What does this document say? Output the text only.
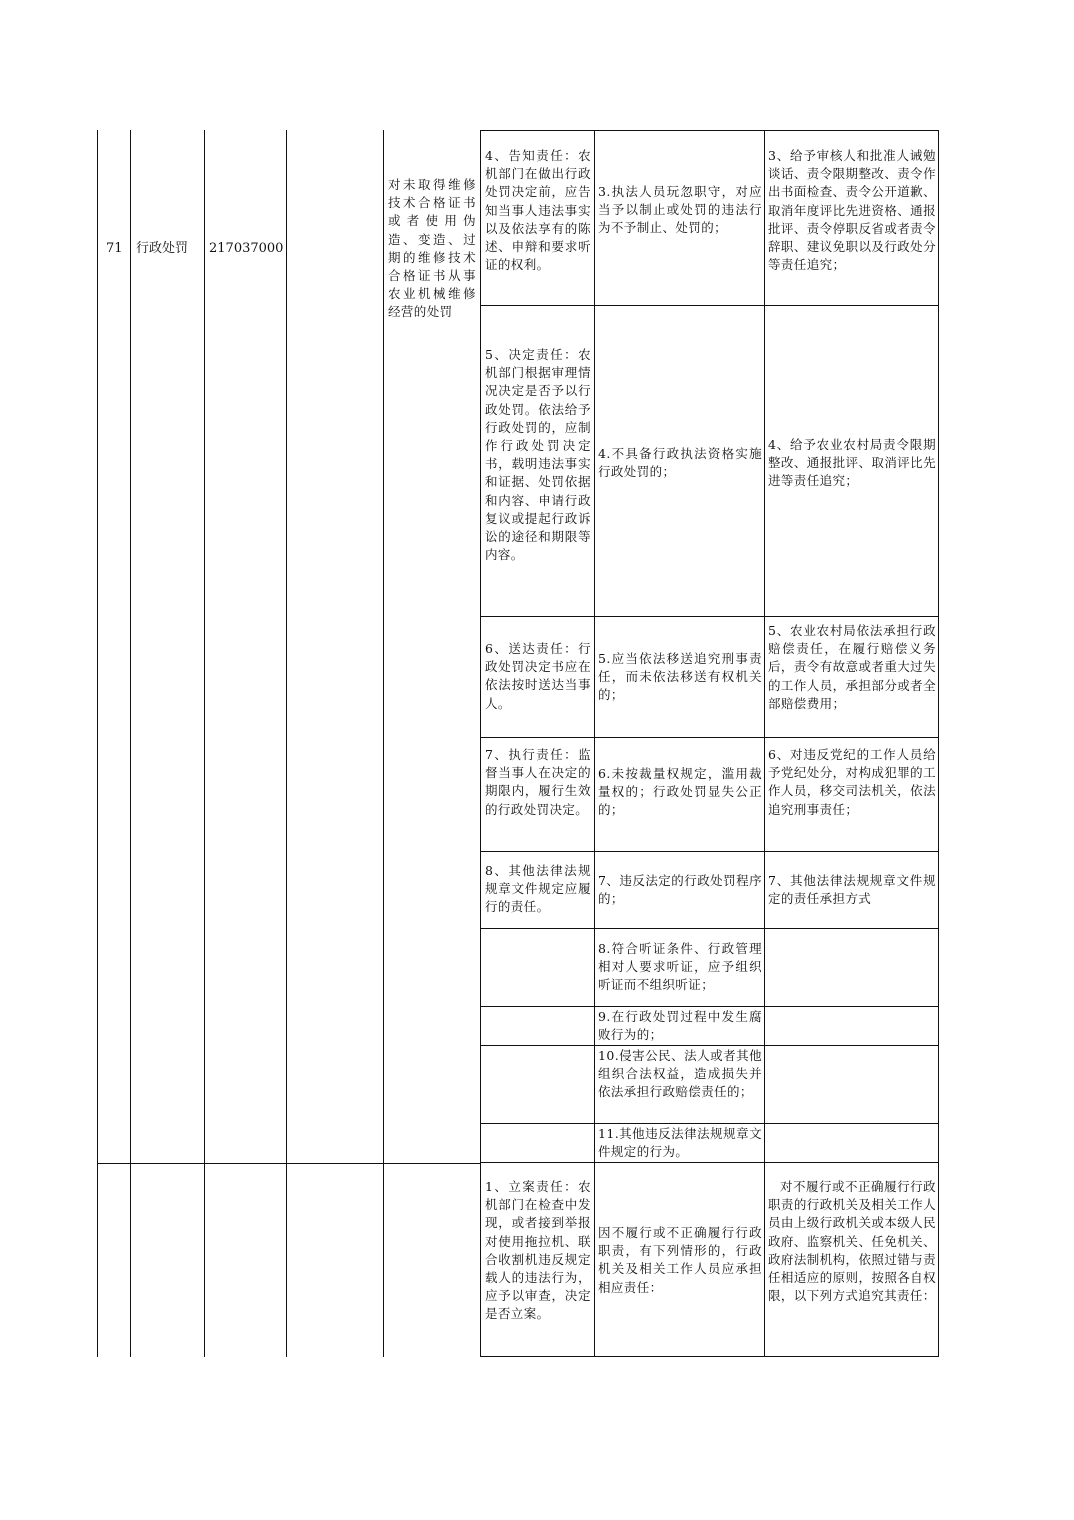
71 行政处罚 217037000
对未取得维修技术合格证书或者使用伪造、变造、过期的维修技术合格证书从事农业机械维修经营的处罚
4、告知责任：农机部门在做出行政处罚决定前，应告知当事人违法事实以及依法享有的陈述、申辩和要求听证的权利。
3.执法人员玩忽职守，对应当予以制止或处罚的违法行为不予制止、处罚的；
3、给予审核人和批准人诫勉谈话、责令限期整改、责令作出书面检查、责令公开道歉、取消年度评比先进资格、通报批评、责令停职反省或者责令辞职、建议免职以及行政处分等责任追究；
5、决定责任：农机部门根据审理情况决定是否予以行政处罚。依法给予行政处罚的，应制作行政处罚决定书，载明违法事实和证据、处罚依据和内容、申请行政复议或提起行政诉讼的途径和期限等内容。
4.不具备行政执法资格实施行政处罚的；
4、给予农业农村局责令限期整改、通报批评、取消评比先进等责任追究；
6、送达责任：行政处罚决定书应在依法按时送达当事人。
5.应当依法移送追究刑事责任，而未依法移送有权机关的；
5、农业农村局依法承担行政赔偿责任，在履行赔偿义务后，责令有故意或者重大过失的工作人员，承担部分或者全部赔偿费用；
7、执行责任：监督当事人在决定的期限内，履行生效的行政处罚决定。
6.未按裁量权规定，滥用裁量权的；行政处罚显失公正的；
6、对违反党纪的工作人员给予党纪处分，对构成犯罪的工作人员，移交司法机关，依法追究刑事责任；
8、其他法律法规规章文件规定应履行的责任。
7、违反法定的行政处罚程序的；
7、其他法律法规规章文件规定的责任承担方式
8.符合听证条件、行政管理相对人要求听证，应予组织听证而不组织听证；
9.在行政处罚过程中发生腐败行为的；
10.侵害公民、法人或者其他组织合法权益，造成损失并依法承担行政赔偿责任的；
11.其他违反法律法规规章文件规定的行为。
1、立案责任：农机部门在检查中发现，或者接到举报对使用拖拉机、联合收割机违反规定载人的违法行为，应予以审查，决定是否立案。
因不履行或不正确履行行政职责，有下列情形的，行政机关及相关工作人员应承担相应责任：
对不履行或不正确履行行政职责的行政机关及相关工作人员由上级行政机关或本级人民政府、监察机关、任免机关、政府法制机构，依照过错与责任相适应的原则，按照各自权限，以下列方式追究其责任：
